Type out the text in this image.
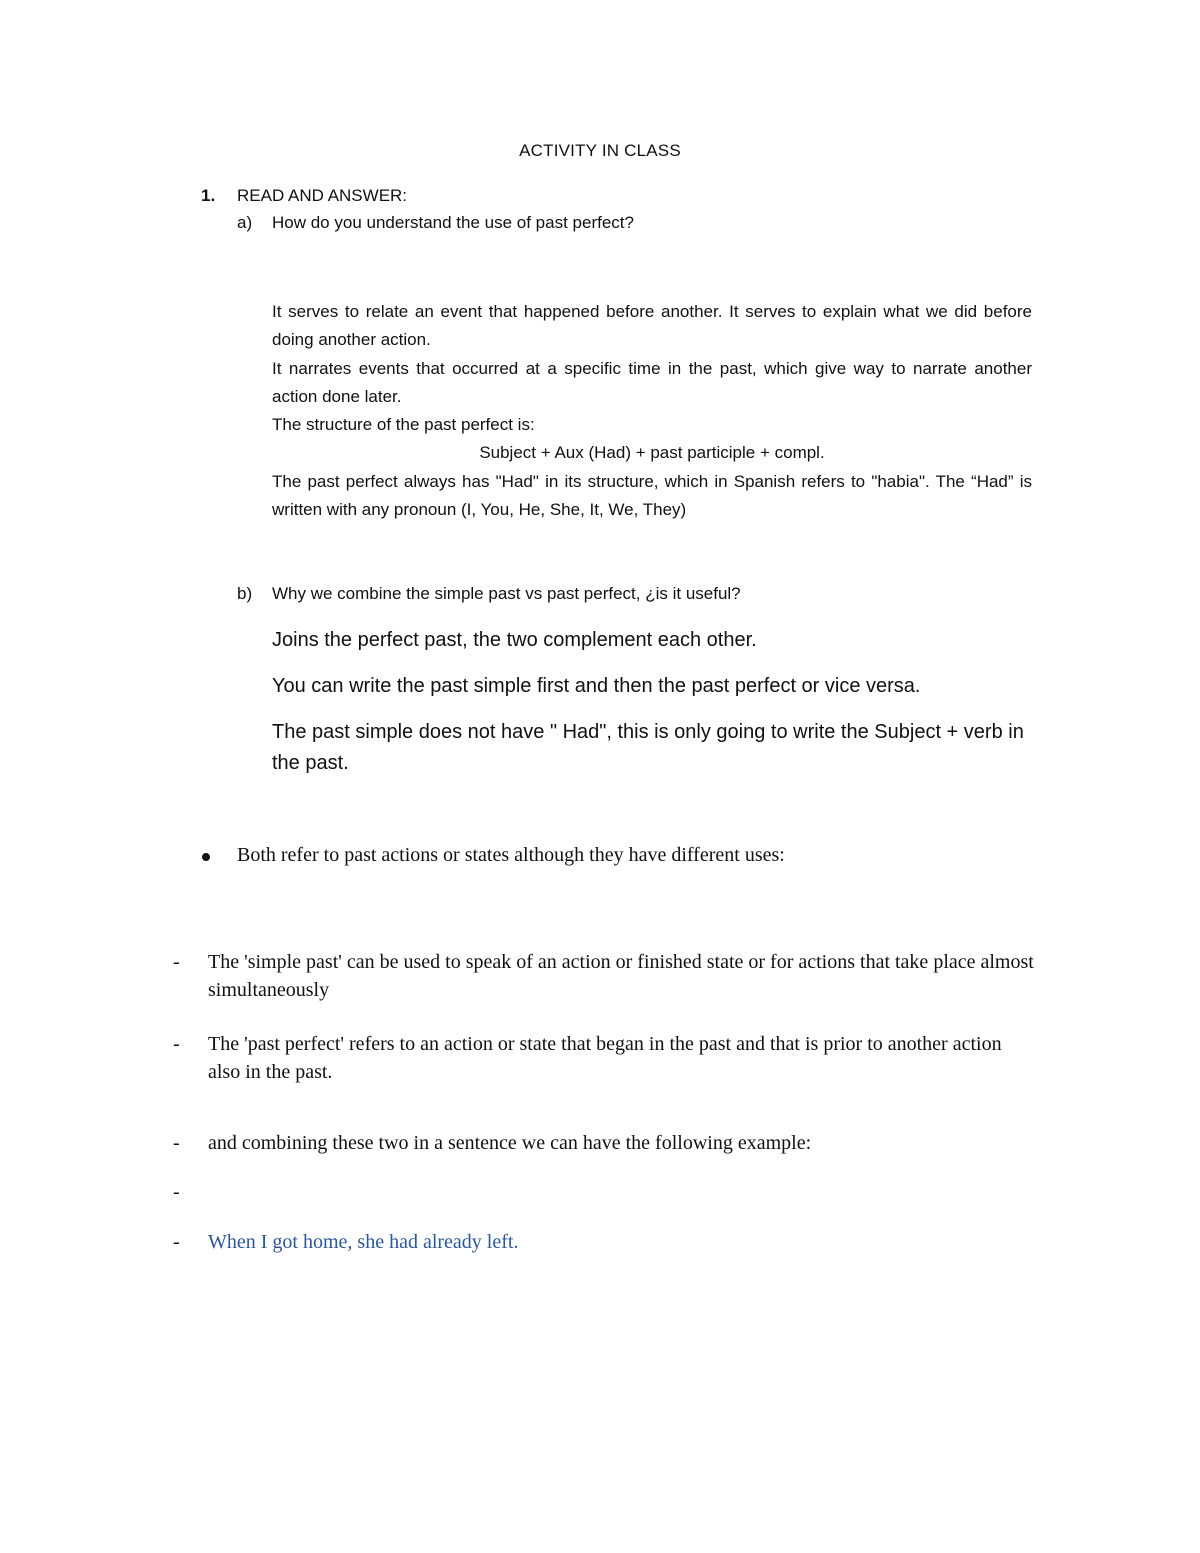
ACTIVITY IN CLASS
1. READ AND ANSWER:
a) How do you understand the use of past perfect?

It serves to relate an event that happened before another. It serves to explain what we did before doing another action.

It narrates events that occurred at a specific time in the past, which give way to narrate another action done later.

The structure of the past perfect is:

Subject + Aux (Had) + past participle + compl.

The past perfect always has "Had" in its structure, which in Spanish refers to "habia". The “Had” is written with any pronoun (I, You, He, She, It, We, They)

b) Why we combine the simple past vs past perfect, ¿is it useful?

Joins the perfect past, the two complement each other.

You can write the past simple first and then the past perfect or vice versa.

The past simple does not have " Had", this is only going to write the Subject + verb in the past.

Both refer to past actions or states although they have different uses:
- The 'simple past' can be used to speak of an action or finished state or for actions that take place almost simultaneously

- The 'past perfect' refers to an action or state that began in the past and that is prior to another action also in the past.

- and combining these two in a sentence we can have the following example:

-

- When I got home, she had already left.
